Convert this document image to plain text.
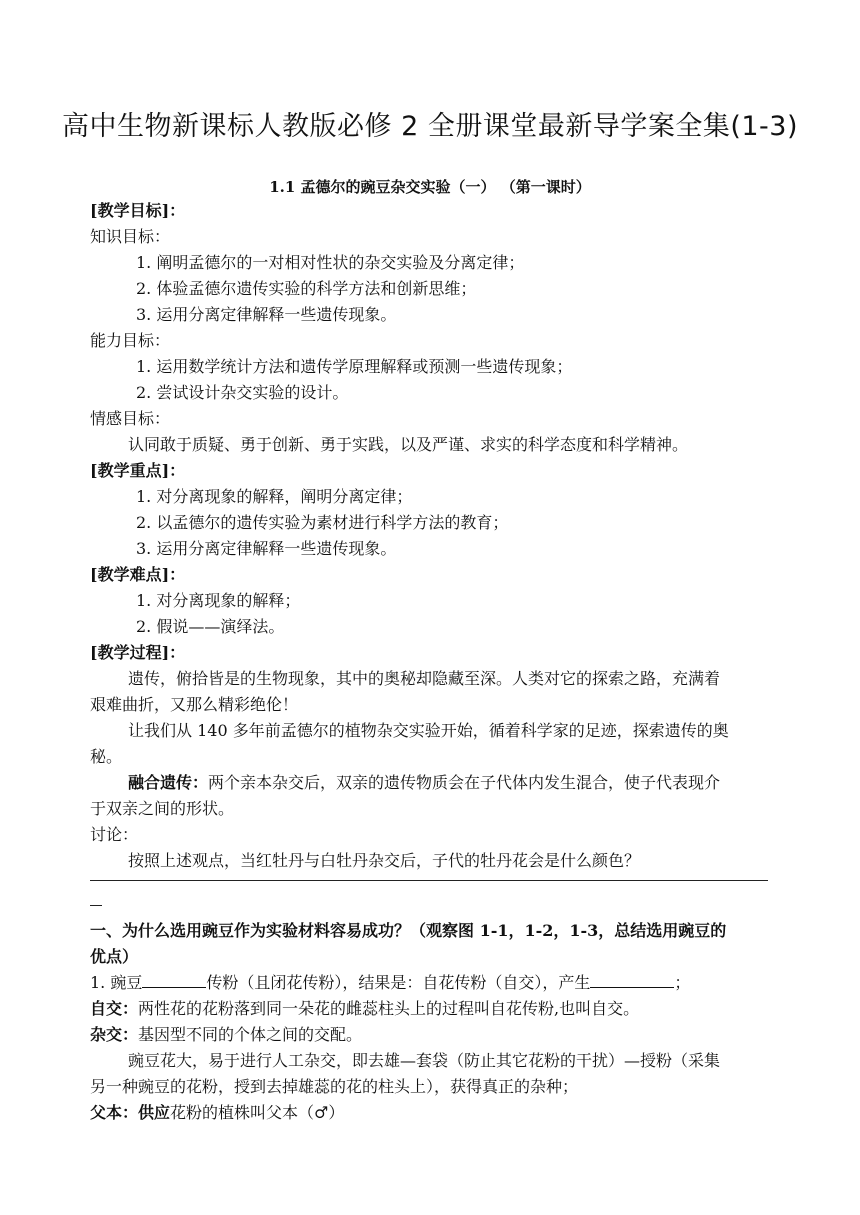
高中生物新课标人教版必修 2 全册课堂最新导学案全集(1-3)
1.1 孟德尔的豌豆杂交实验（一） （第一课时）
[教学目标]：
知识目标：
1. 阐明孟德尔的一对相对性状的杂交实验及分离定律；
2. 体验孟德尔遗传实验的科学方法和创新思维；
3. 运用分离定律解释一些遗传现象。
能力目标：
1. 运用数学统计方法和遗传学原理解释或预测一些遗传现象；
2. 尝试设计杂交实验的设计。
情感目标：
认同敢于质疑、勇于创新、勇于实践，以及严谨、求实的科学态度和科学精神。
[教学重点]：
1. 对分离现象的解释，阐明分离定律；
2. 以孟德尔的遗传实验为素材进行科学方法的教育；
3. 运用分离定律解释一些遗传现象。
[教学难点]：
1. 对分离现象的解释；
2. 假说——演绎法。
[教学过程]：
遗传，俯拾皆是的生物现象，其中的奥秘却隐藏至深。人类对它的探索之路，充满着
艰难曲折，又那么精彩绝伦！
让我们从 140 多年前孟德尔的植物杂交实验开始，循着科学家的足迹，探索遗传的奥
秘。
融合遗传：两个亲本杂交后，双亲的遗传物质会在子代体内发生混合，使子代表现介
于双亲之间的形状。
讨论：
按照上述观点，当红牡丹与白牡丹杂交后，子代的牡丹花会是什么颜色？
一、为什么选用豌豆作为实验材料容易成功？（观察图 1-1，1-2，1-3，总结选用豌豆的
优点）
1. 豌豆	传粉（且闭花传粉），结果是：自花传粉（自交），产生	；
自交：两性花的花粉落到同一朵花的雌蕊柱头上的过程叫自花传粉,也叫自交。
杂交：基因型不同的个体之间的交配。
豌豆花大，易于进行人工杂交，即去雄—套袋（防止其它花粉的干扰）—授粉（采集
另一种豌豆的花粉，授到去掉雄蕊的花的柱头上），获得真正的杂种；
父本：供应花粉的植株叫父本（♂）
